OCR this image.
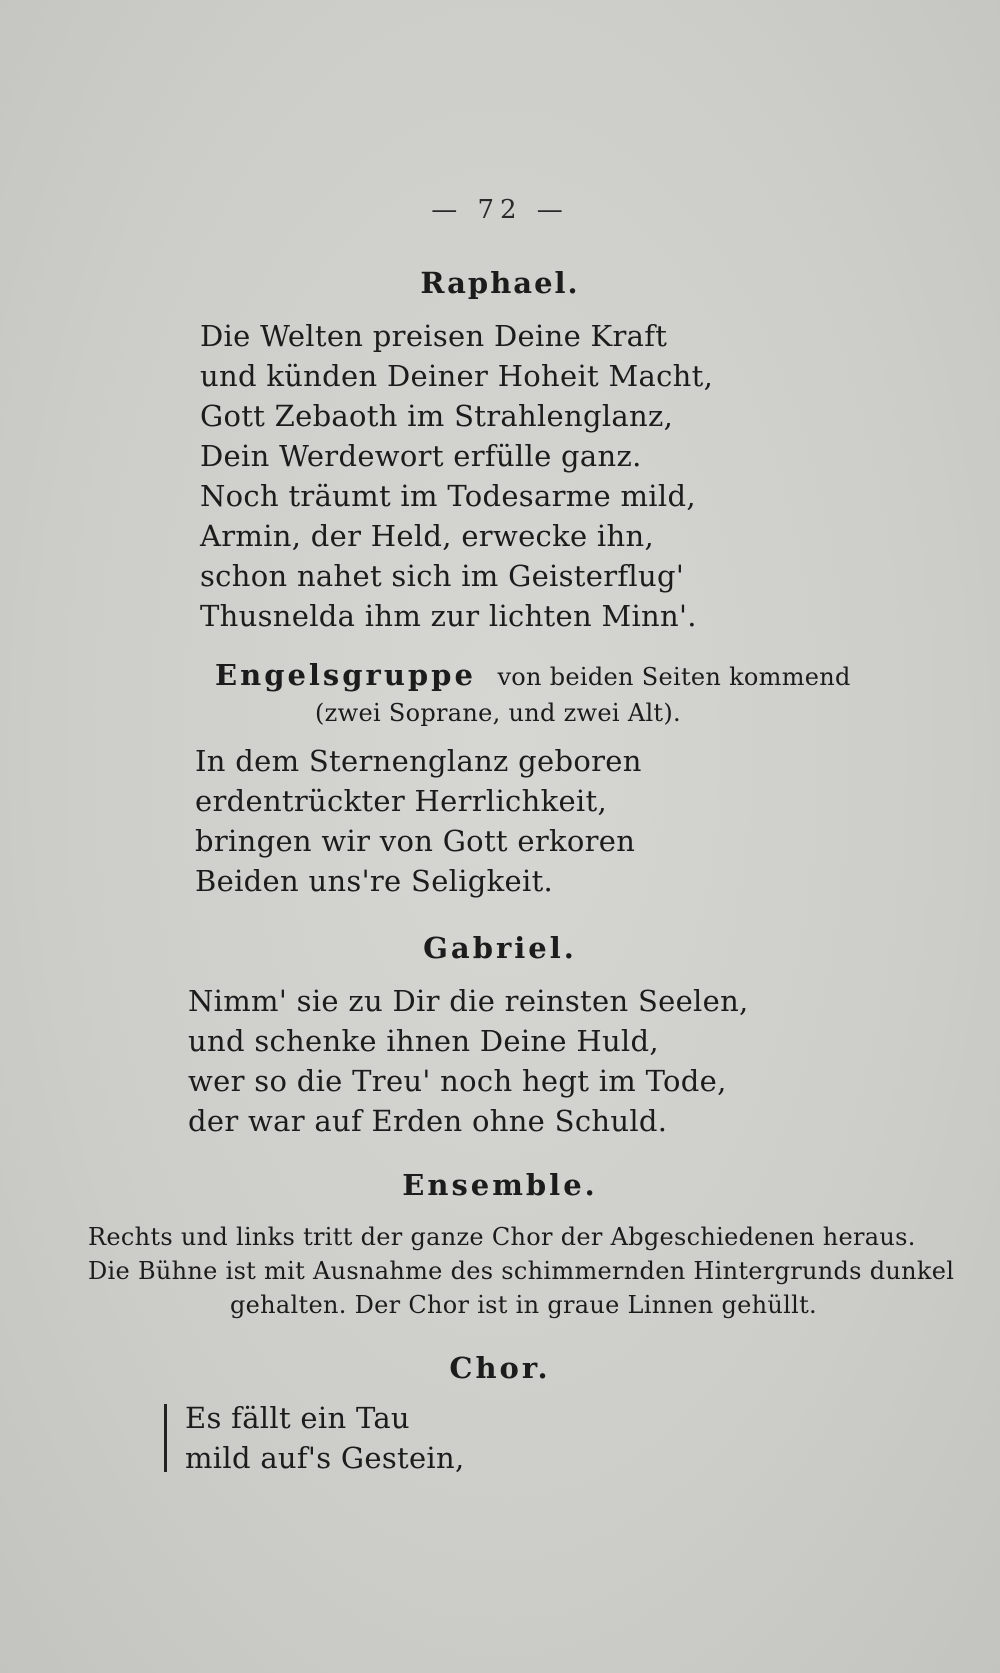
— 72 —
Raphael.
Die Welten preisen Deine Kraft
und künden Deiner Hoheit Macht,
Gott Zebaoth im Strahlenglanz,
Dein Werdewort erfülle ganz.
Noch träumt im Todesarme mild,
Armin, der Held, erwecke ihn,
schon nahet sich im Geisterflug'
Thusnelda ihm zur lichten Minn'.
Engelsgruppe von beiden Seiten kommend
(zwei Soprane, und zwei Alt).
In dem Sternenglanz geboren
erdentrückter Herrlichkeit,
bringen wir von Gott erkoren
Beiden uns're Seligkeit.
Gabriel.
Nimm' sie zu Dir die reinsten Seelen,
und schenke ihnen Deine Huld,
wer so die Treu' noch hegt im Tode,
der war auf Erden ohne Schuld.
Ensemble.
Rechts und links tritt der ganze Chor der Abgeschiedenen heraus.
Die Bühne ist mit Ausnahme des schimmernden Hintergrunds dunkel
gehalten. Der Chor ist in graue Linnen gehüllt.
Chor.
Es fällt ein Tau
mild auf's Gestein,
